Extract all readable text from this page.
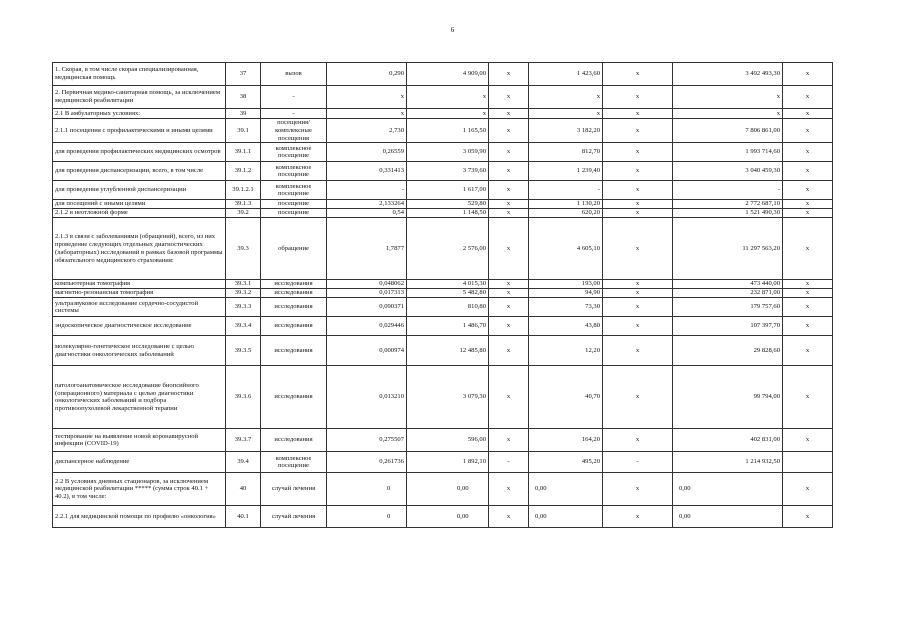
6
1. Скорая, в том числе скорая специализированная, медицинская помощь	37	вызов	0,290	4 909,00	x	1 423,60	x	3 492 493,30	x
2. Первичная медико-санитарная помощь, за исключением медицинской реабилитации	38	-	x	x	x	x	x	x	x
2.1 В амбулаторных условиях:	39	-	x	x	x	x	x	x	x
2.1.1 посещения с профилактическими и иными целями	39.1	посещения/комплексные посещения	2,730	1 165,50	x	3 182,20	x	7 806 861,00	x
для проведения профилактических медицинских осмотров	39.1.1	комплексное посещение	0,26559	3 059,90	x	812,70	x	1 993 714,60	x
для проведения диспансеризации, всего, в том числе	39.1.2	комплексное посещение	0,331413	3 739,60	x	1 239,40	x	3 040 459,30	x
для проведения углубленной диспансеризации	39.1.2.1	комплексное посещение	-	1 617,00	x	-	x	-	x
для посещений с иными целями	39.1.3	посещение	2,133264	529,80	x	1 130,20	x	2 772 687,10	x
2.1.2 в неотложной форме	39.2	посещение	0,54	1 148,50	x	620,20	x	1 521 490,30	x
2.1.3 в связи с заболеваниями (обращений), всего, из них проведение следующих отдельных диагностических (лабораторных) исследований в рамках базовой программы обязательного медицинского страхования:	39.3	обращение	1,7877	2 576,00	x	4 605,10	x	11 297 563,20	x
компьютерная томография	39.3.1	исследования	0,048062	4 015,30	x	193,00	x	473 440,00	x
магнитно-резонансная томография	39.3.2	исследования	0,017313	5 482,80	x	94,90	x	232 871,00	x
ультразвуковое исследование сердечно-сосудистой системы	39.3.3	исследования	0,090371	810,80	x	73,30	x	179 757,60	x
эндоскопическое диагностическое исследование	39.3.4	исследования	0,029446	1 486,70	x	43,80	x	107 397,70	x
молекулярно-генетическое исследование с целью диагностики онкологических заболеваний	39.3.5	исследования	0,000974	12 485,80	x	12,20	x	29 828,60	x
патологоанатомическое исследование биопсийного (операционного) материала с целью диагностики онкологических заболеваний и подбора противоопухолевой лекарственной терапии	39.3.6	исследования	0,013210	3 079,30	x	40,70	x	99 794,00	x
тестирование на выявление новой коронавирусной инфекции (COVID-19)	39.3.7	исследования	0,275507	596,00	x	164,20	x	402 831,00	x
диспансерное наблюдение	39.4	комплексное посещение	0,261736	1 892,10	-	495,20	-	1 214 932,50	
2.2 В условиях дневных стационаров, за исключением медицинской реабилитации ***** (сумма строк 40.1 + 40.2), в том числе:	40	случай лечения	0	0,00	x	0,00	x	0,00	x
2.2.1 для медицинской помощи по профилю «онкология»	40.1	случай лечения	0	0,00	x	0,00	x	0,00	x
